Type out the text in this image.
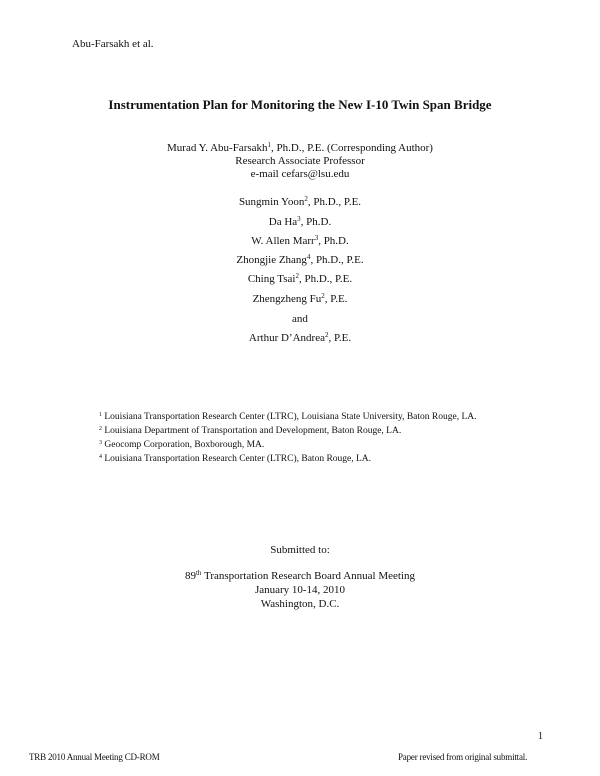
Abu-Farsakh et al.
Instrumentation Plan for Monitoring the New I-10 Twin Span Bridge
Murad Y. Abu-Farsakh$^1$, Ph.D., P.E. (Corresponding Author)
Research Associate Professor
e-mail cefars@lsu.edu
Sungmin Yoon$^2$, Ph.D., P.E.
Da Ha$^3$, Ph.D.
W. Allen Marr$^3$, Ph.D.
Zhongjie Zhang$^4$, Ph.D., P.E.
Ching Tsai$^2$, Ph.D., P.E.
Zhengzheng Fu$^2$, P.E.
and
Arthur D’Andrea$^2$, P.E.
$^1$ Louisiana Transportation Research Center (LTRC), Louisiana State University, Baton Rouge, LA.
$^2$ Louisiana Department of Transportation and Development, Baton Rouge, LA.
$^3$ Geocomp Corporation, Boxborough, MA.
$^4$ Louisiana Transportation Research Center (LTRC), Baton Rouge, LA.
Submitted to:
89th Transportation Research Board Annual Meeting
January 10-14, 2010
Washington, D.C.
1
TRB 2010 Annual Meeting CD-ROM	Paper revised from original submittal.
